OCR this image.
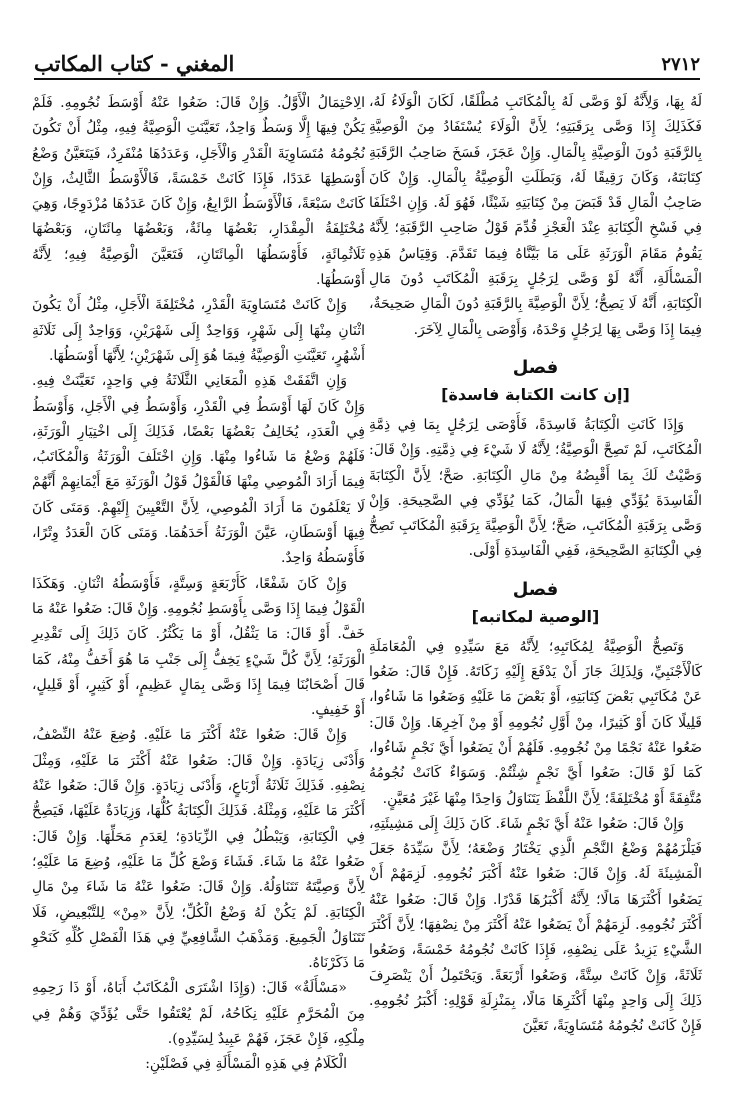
٢٧١٢
المغني - كتاب المكاتب

لَهُ بِهَا، وَلِأَنَّهُ لَوْ وَصَّى لَهُ بِالْمُكَاتَبِ مُطْلَقًا، لَكَانَ الْوَلَاءُ لَهُ، فَكَذَلِكَ إِذَا وَصَّى بِرَقَبَتِهِ؛ لِأَنَّ الْوَلَاءَ يُسْتَفَادُ مِنَ الْوَصِيَّةِ بِالرَّقَبَةِ دُونَ الْوَصِيَّةِ بِالْمَالِ. وَإِنْ عَجَزَ، فَسَخَ صَاحِبُ الرَّقَبَةِ كِتَابَتَهُ، وَكَانَ رَقِيقًا لَهُ، وَبَطَلَتِ الْوَصِيَّةُ بِالْمَالِ. وَإِنْ كَانَ صَاحِبُ الْمَالِ قَدْ قَبَضَ مِنْ كِتَابَتِهِ شَيْئًا، فَهُوَ لَهُ. وَإِنِ اخْتَلَفَا فِي فَسْخِ الْكِتَابَةِ عِنْدَ الْعَجْزِ قُدِّمَ قَوْلُ صَاحِبِ الرَّقَبَةِ؛ لِأَنَّهُ يَقُومُ مَقَامَ الْوَرَثَةِ عَلَى مَا بَيَّنَّاهُ فِيمَا تَقَدَّمَ. وَقِيَاسُ هَذِهِ الْمَسْأَلَةِ، أَنَّهُ لَوْ وَصَّى لِرَجُلٍ بِرَقَبَةِ الْمُكَاتَبِ دُونَ مَالِ الْكِتَابَةِ، أَنَّهُ لَا يَصِحُّ؛ لِأَنَّ الْوَصِيَّةَ بِالرَّقَبَةِ دُونَ الْمَالِ صَحِيحَةٌ، فِيمَا إِذَا وَصَّى بِهَا لِرَجُلٍ وَحْدَهُ، وَأَوْصَى بِالْمَالِ لِآخَرَ.

فصل
[إن كانت الكتابة فاسدة]

وَإِذَا كَانَتِ الْكِتَابَةُ فَاسِدَةً، فَأَوْصَى لِرَجُلٍ بِمَا فِي ذِمَّةِ الْمُكَاتَبِ، لَمْ تَصِحَّ الْوَصِيَّةُ؛ لِأَنَّهُ لَا شَيْءَ فِي ذِمَّتِهِ. وَإِنْ قَالَ: وَصَّيْتُ لَكَ بِمَا أَقْبِضُهُ مِنْ مَالِ الْكِتَابَةِ. صَحَّ؛ لِأَنَّ الْكِتَابَةَ الْفَاسِدَةَ يُؤَدِّي فِيهَا الْمَالُ، كَمَا يُؤَدِّي فِي الصَّحِيحَةِ. وَإِنْ وَصَّى بِرَقَبَةِ الْمُكَاتَبِ، صَحَّ؛ لِأَنَّ الْوَصِيَّةَ بِرَقَبَةِ الْمُكَاتَبِ تَصِحُّ فِي الْكِتَابَةِ الصَّحِيحَةِ، فَفِي الْفَاسِدَةِ أَوْلَى.

فصل
[الوصية لمكاتبه]

وَتَصِحُّ الْوَصِيَّةُ لِمُكَاتَبِهِ؛ لِأَنَّهُ مَعَ سَيِّدِهِ فِي الْمُعَامَلَةِ كَالْأَجْنَبِيِّ، وَلِذَلِكَ جَازَ أَنْ يَدْفَعَ إِلَيْهِ زَكَاتَهُ. فَإِنْ قَالَ: ضَعُوا عَنْ مُكَاتَبِي بَعْضَ كِتَابَتِهِ، أَوْ بَعْضَ مَا عَلَيْهِ وَضَعُوا مَا شَاءُوا، قَلِيلًا كَانَ أَوْ كَثِيرًا، مِنْ أَوَّلِ نُجُومِهِ أَوْ مِنْ آخِرِهَا. وَإِنْ قَالَ: ضَعُوا عَنْهُ نَجْمًا مِنْ نُجُومِهِ. فَلَهُمْ أَنْ يَضَعُوا أَيَّ نَجْمٍ شَاءُوا، كَمَا لَوْ قَالَ: ضَعُوا أَيَّ نَجْمٍ شِئْتُمْ. وَسَوَاءٌ كَانَتْ نُجُومُهُ مُتَّفِقَةً أَوْ مُخْتَلِفَةً؛ لِأَنَّ اللَّفْظَ يَتَنَاوَلُ وَاحِدًا مِنْهَا غَيْرَ مُعَيَّنٍ.

وَإِنْ قَالَ: ضَعُوا عَنْهُ أَيَّ نَجْمٍ شَاءَ. كَانَ ذَلِكَ إِلَى مَشِيئَتِهِ، فَيَلْزَمُهُمْ وَضْعُ النَّجْمِ الَّذِي يَخْتَارُ وَضْعَهُ؛ لِأَنَّ سَيِّدَهُ جَعَلَ الْمَشِيئَةَ لَهُ. وَإِنْ قَالَ: ضَعُوا عَنْهُ أَكْبَرَ نُجُومِهِ. لَزِمَهُمْ أَنْ يَضَعُوا أَكْثَرَهَا مَالًا؛ لِأَنَّهُ أَكْبَرُهَا قَدْرًا. وَإِنْ قَالَ: ضَعُوا عَنْهُ أَكْثَرَ نُجُومِهِ. لَزِمَهُمْ أَنْ يَضَعُوا عَنْهُ أَكْثَرَ مِنْ نِصْفِهَا؛ لِأَنَّ أَكْثَرَ الشَّيْءِ يَزِيدُ عَلَى نِصْفِهِ، فَإِذَا كَانَتْ نُجُومُهُ خَمْسَةً، وَضَعُوا ثَلَاثَةً، وَإِنْ كَانَتْ سِتَّةً، وَضَعُوا أَرْبَعَةً. وَيَحْتَمِلُ أَنْ يَنْصَرِفَ ذَلِكَ إِلَى وَاحِدٍ مِنْهَا أَكْثَرِهَا مَالًا، بِمَنْزِلَةِ قَوْلِهِ: أَكْبَرُ نُجُومِهِ. فَإِنْ كَانَتْ نُجُومُهُ مُتَسَاوِيَةً، تَعَيَّنَ

الِاحْتِمَالُ الْأَوَّلُ. وَإِنْ قَالَ: ضَعُوا عَنْهُ أَوْسَطَ نُجُومِهِ. فَلَمْ يَكُنْ فِيهَا إِلَّا وَسَطٌ وَاحِدٌ، تَعَيَّنَتِ الْوَصِيَّةُ فِيهِ، مِثْلُ أَنْ تَكُونَ نُجُومُهُ مُتَسَاوِيَةَ الْقَدْرِ وَالْأَجَلِ، وَعَدَدُهَا مُنْفَرِدٌ، فَيَتَعَيَّنُ وَضْعُ أَوْسَطِهَا عَدَدًا، فَإِذَا كَانَتْ خَمْسَةً، فَالْأَوْسَطُ الثَّالِثُ، وَإِنْ كَانَتْ سَبْعَةً، فَالْأَوْسَطُ الرَّابِعُ، وَإِنْ كَانَ عَدَدُهَا مُزْدَوِجًا، وَهِيَ مُخْتَلِفَةُ الْمِقْدَارِ، بَعْضُهَا مِائَةٌ، وَبَعْضُهَا مِائَتَانِ، وَبَعْضُهَا ثَلَاثُمِائَةٍ، فَأَوْسَطُهَا الْمِائَتَانِ، فَتَعَيَّنَ الْوَصِيَّةُ فِيهِ؛ لِأَنَّهُ أَوْسَطُهَا.

وَإِنْ كَانَتْ مُتَسَاوِيَةَ الْقَدْرِ، مُخْتَلِفَةَ الْأَجَلِ، مِثْلُ أَنْ يَكُونَ اثْنَانِ مِنْهَا إِلَى شَهْرٍ، وَوَاحِدٌ إِلَى شَهْرَيْنِ، وَوَاحِدٌ إِلَى ثَلَاثَةِ أَشْهُرٍ، تَعَيَّنَتِ الْوَصِيَّةُ فِيمَا هُوَ إِلَى شَهْرَيْنِ؛ لِأَنَّهَا أَوْسَطُهَا.

وَإِنِ اتَّفَقَتْ هَذِهِ الْمَعَانِي الثَّلَاثَةُ فِي وَاحِدٍ، تَعَيَّنَتْ فِيهِ. وَإِنْ كَانَ لَهَا أَوْسَطُ فِي الْقَدْرِ، وَأَوْسَطُ فِي الْأَجَلِ، وَأَوْسَطُ فِي الْعَدَدِ، يُخَالِفُ بَعْضُهَا بَعْضًا، فَذَلِكَ إِلَى اخْتِيَارِ الْوَرَثَةِ، فَلَهُمْ وَضْعُ مَا شَاءُوا مِنْهَا. وَإِنِ اخْتَلَفَ الْوَرَثَةُ وَالْمُكَاتَبُ، فِيمَا أَرَادَ الْمُوصِي مِنْهَا فَالْقَوْلُ قَوْلُ الْوَرَثَةِ مَعَ أَيْمَانِهِمْ أَنَّهُمْ لَا يَعْلَمُونَ مَا أَرَادَ الْمُوصِي، لِأَنَّ التَّعْيِينَ إِلَيْهِمْ. وَمَتَى كَانَ فِيهَا أَوْسَطَانِ، عَيَّنَ الْوَرَثَةُ أَحَدَهُمَا. وَمَتَى كَانَ الْعَدَدُ وِتْرًا، فَأَوْسَطُهُ وَاحِدٌ.

وَإِنْ كَانَ شَفْعًا، كَأَرْبَعَةٍ وَسِتَّةٍ، فَأَوْسَطُهُ اثْنَانِ. وَهَكَذَا الْقَوْلُ فِيمَا إِذَا وَصَّى بِأَوْسَطِ نُجُومِهِ. وَإِنْ قَالَ: ضَعُوا عَنْهُ مَا خَفَّ. أَوْ قَالَ: مَا يَثْقُلُ، أَوْ مَا يَكْثُرُ. كَانَ ذَلِكَ إِلَى تَقْدِيرِ الْوَرَثَةِ؛ لِأَنَّ كُلَّ شَيْءٍ يَخِفُّ إِلَى جَنْبِ مَا هُوَ أَخَفُّ مِنْهُ، كَمَا قَالَ أَصْحَابُنَا فِيمَا إِذَا وَصَّى بِمَالٍ عَظِيمٍ، أَوْ كَثِيرٍ، أَوْ قَلِيلٍ، أَوْ خَفِيفٍ.

وَإِنْ قَالَ: ضَعُوا عَنْهُ أَكْثَرَ مَا عَلَيْهِ. وُضِعَ عَنْهُ النِّصْفُ، وَأَدْنَى زِيَادَةٍ. وَإِنْ قَالَ: ضَعُوا عَنْهُ أَكْثَرَ مَا عَلَيْهِ، وَمِثْلَ نِصْفِهِ. فَذَلِكَ ثَلَاثَةُ أَرْبَاعٍ، وَأَدْنَى زِيَادَةٍ. وَإِنْ قَالَ: ضَعُوا عَنْهُ أَكْثَرَ مَا عَلَيْهِ، وَمِثْلَهُ. فَذَلِكَ الْكِتَابَةُ كُلُّهَا، وَزِيَادَةٌ عَلَيْهَا، فَيَصِحُّ فِي الْكِتَابَةِ، وَيَبْطُلُ فِي الزِّيَادَةِ؛ لِعَدَمِ مَحَلِّهَا. وَإِنْ قَالَ: ضَعُوا عَنْهُ مَا شَاءَ. فَشَاءَ وَضْعَ كُلِّ مَا عَلَيْهِ، وُضِعَ مَا عَلَيْهِ؛ لِأَنَّ وَصِيَّتَهُ تَتَنَاوَلُهُ. وَإِنْ قَالَ: ضَعُوا عَنْهُ مَا شَاءَ مِنْ مَالِ الْكِتَابَةِ. لَمْ يَكُنْ لَهُ وَضْعُ الْكُلِّ؛ لِأَنَّ «مِنْ» لِلتَّبْعِيضِ، فَلَا تَتَنَاوَلُ الْجَمِيعَ. وَمَذْهَبُ الشَّافِعِيِّ فِي هَذَا الْفَصْلِ كُلِّهِ كَنَحْوِ مَا ذَكَرْنَاهُ.

«مَسْأَلَةٌ» قَالَ: (وَإِذَا اشْتَرَى الْمُكَاتَبُ أَبَاهُ، أَوْ ذَا رَحِمِهِ مِنَ الْمُحَرَّمِ عَلَيْهِ نِكَاحُهُ، لَمْ يُعْتَقُوا حَتَّى يُؤَدِّيَ وَهُمْ فِي مِلْكِهِ، فَإِنْ عَجَزَ، فَهُمْ عَبِيدٌ لِسَيِّدِهِ).

الْكَلَامُ فِي هَذِهِ الْمَسْأَلَةِ فِي فَصْلَيْنِ:
